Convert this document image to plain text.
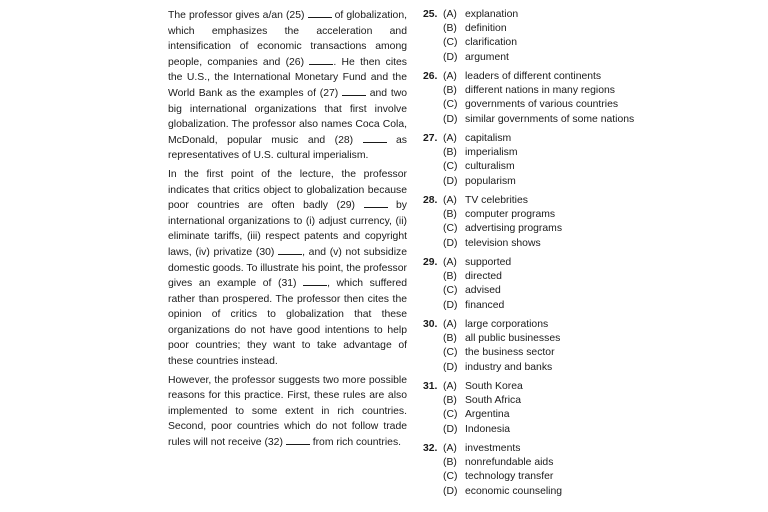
The professor gives a/an (25)  of globalization, which emphasizes the acceleration and intensification of economic transactions among people, companies and (26) . He then cites the U.S., the International Monetary Fund and the World Bank as the examples of (27)  and two big international organizations that first involve globalization. The professor also names Coca Cola, McDonald, popular music and (28)  as representatives of U.S. cultural imperialism.

In the first point of the lecture, the professor indicates that critics object to globalization because poor countries are often badly (29)  by international organizations to (i) adjust currency, (ii) eliminate tariffs, (iii) respect patents and copyright laws, (iv) privatize (30) , and (v) not subsidize domestic goods. To illustrate his point, the professor gives an example of (31) , which suffered rather than prospered. The professor then cites the opinion of critics to globalization that these organizations do not have good intentions to help poor countries; they want to take advantage of these countries instead.

However, the professor suggests two more possible reasons for this practice. First, these rules are also implemented to some extent in rich countries. Second, poor countries which do not follow trade rules will not receive (32)  from rich countries.

25. (A) explanation
(B) definition
(C) clarification
(D) argument
26. (A) leaders of different continents
(B) different nations in many regions
(C) governments of various countries
(D) similar governments of some nations
27. (A) capitalism
(B) imperialism
(C) culturalism
(D) popularism
28. (A) TV celebrities
(B) computer programs
(C) advertising programs
(D) television shows
29. (A) supported
(B) directed
(C) advised
(D) financed
30. (A) large corporations
(B) all public businesses
(C) the business sector
(D) industry and banks
31. (A) South Korea
(B) South Africa
(C) Argentina
(D) Indonesia
32. (A) investments
(B) nonrefundable aids
(C) technology transfer
(D) economic counseling
